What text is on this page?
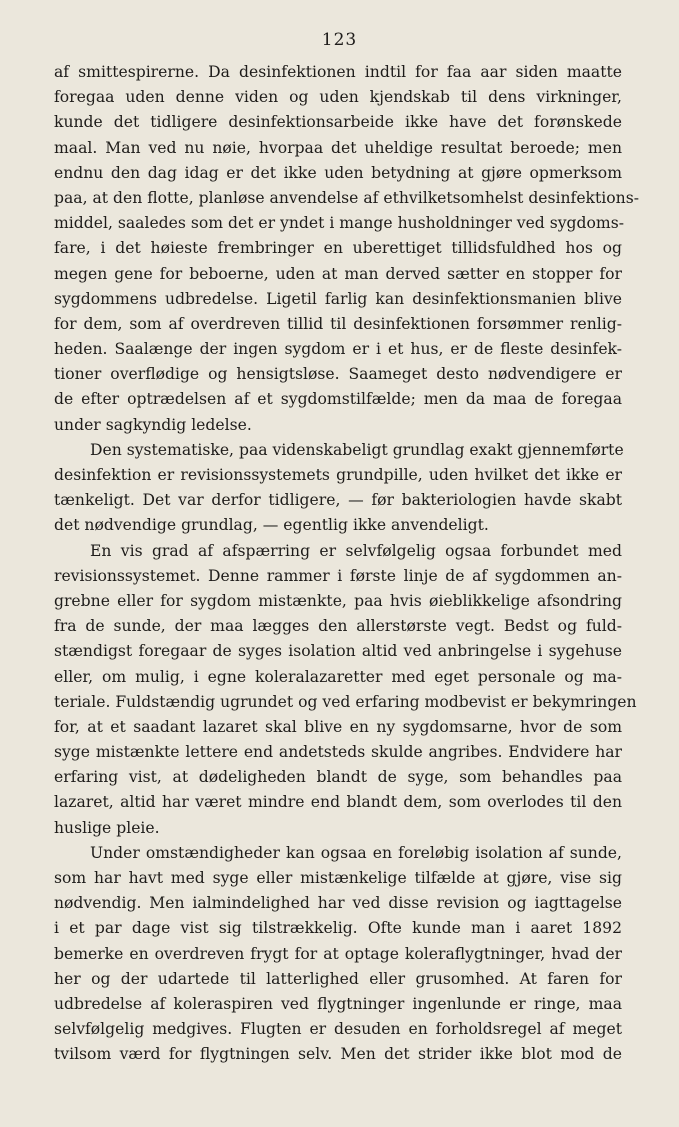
123
af smittespirerne. Da desinfektionen indtil for faa aar siden maatte
foregaa uden denne viden og uden kjendskab til dens virkninger,
kunde det tidligere desinfektionsarbeide ikke have det forønskede
maal. Man ved nu nøie, hvorpaa det uheldige resultat beroede; men
endnu den dag idag er det ikke uden betydning at gjøre opmerksom
paa, at den flotte, planløse anvendelse af ethvilketsomhelst desinfektions-
middel, saaledes som det er yndet i mange husholdninger ved sygdoms-
fare, i det høieste frembringer en uberettiget tillidsfuldhed hos og
megen gene for beboerne, uden at man derved sætter en stopper for
sygdommens udbredelse. Ligetil farlig kan desinfektionsmanien blive
for dem, som af overdreven tillid til desinfektionen forsømmer renlig-
heden. Saalænge der ingen sygdom er i et hus, er de fleste desinfek-
tioner overflødige og hensigtsløse. Saameget desto nødvendigere er
de efter optrædelsen af et sygdomstilfælde; men da maa de foregaa
under sagkyndig ledelse.
Den systematiske, paa videnskabeligt grundlag exakt gjennemførte
desinfektion er revisionssystemets grundpille, uden hvilket det ikke er
tænkeligt. Det var derfor tidligere, — før bakteriologien havde skabt
det nødvendige grundlag, — egentlig ikke anvendeligt.
En vis grad af afspærring er selvfølgelig ogsaa forbundet med
revisionssystemet. Denne rammer i første linje de af sygdommen an-
grebne eller for sygdom mistænkte, paa hvis øieblikkelige afsondring
fra de sunde, der maa lægges den allerstørste vegt. Bedst og fuld-
stændigst foregaar de syges isolation altid ved anbringelse i sygehuse
eller, om mulig, i egne koleralazaretter med eget personale og ma-
teriale. Fuldstændig ugrundet og ved erfaring modbevist er bekymringen
for, at et saadant lazaret skal blive en ny sygdomsarne, hvor de som
syge mistænkte lettere end andetsteds skulde angribes. Endvidere har
erfaring vist, at dødeligheden blandt de syge, som behandles paa
lazaret, altid har været mindre end blandt dem, som overlodes til den
huslige pleie.
Under omstændigheder kan ogsaa en foreløbig isolation af sunde,
som har havt med syge eller mistænkelige tilfælde at gjøre, vise sig
nødvendig. Men ialmindelighed har ved disse revision og iagttagelse
i et par dage vist sig tilstrækkelig. Ofte kunde man i aaret 1892
bemerke en overdreven frygt for at optage koleraflygtninger, hvad der
her og der udartede til latterlighed eller grusomhed. At faren for
udbredelse af koleraspiren ved flygtninger ingenlunde er ringe, maa
selvfølgelig medgives. Flugten er desuden en forholdsregel af meget
tvilsom værd for flygtningen selv. Men det strider ikke blot mod de
